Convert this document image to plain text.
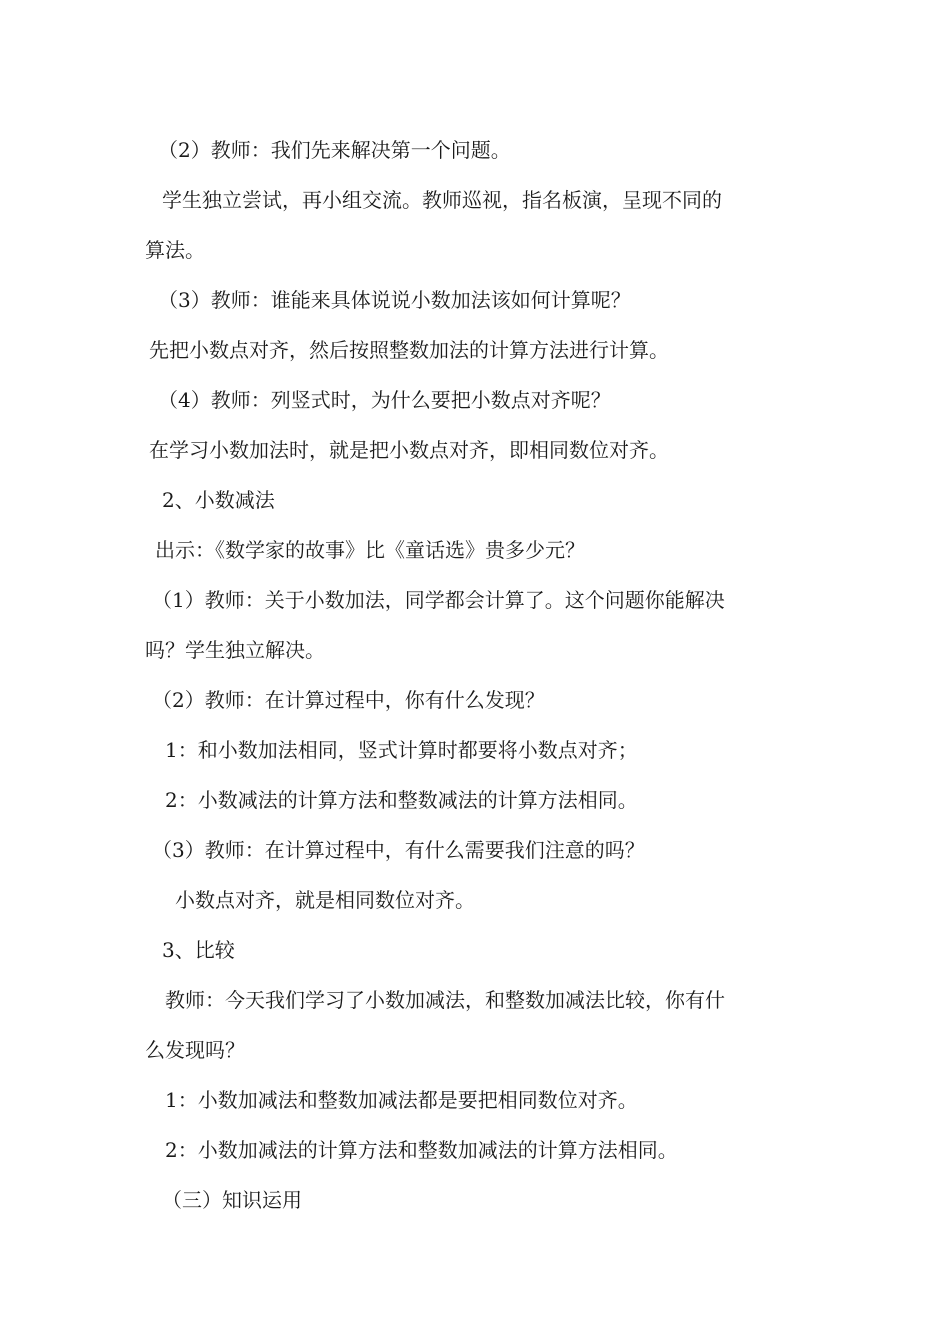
（2）教师：我们先来解决第一个问题。
学生独立尝试，再小组交流。教师巡视，指名板演，呈现不同的
算法。
（3）教师：谁能来具体说说小数加法该如何计算呢？
先把小数点对齐，然后按照整数加法的计算方法进行计算。
（4）教师：列竖式时，为什么要把小数点对齐呢？
在学习小数加法时，就是把小数点对齐，即相同数位对齐。
2、小数减法
出示：《数学家的故事》比《童话选》贵多少元？
（1）教师：关于小数加法，同学都会计算了。这个问题你能解决
吗？学生独立解决。
（2）教师：在计算过程中，你有什么发现？
1：和小数加法相同，竖式计算时都要将小数点对齐；
2：小数减法的计算方法和整数减法的计算方法相同。
（3）教师：在计算过程中，有什么需要我们注意的吗？
小数点对齐，就是相同数位对齐。
3、比较
教师：今天我们学习了小数加减法，和整数加减法比较，你有什
么发现吗？
1：小数加减法和整数加减法都是要把相同数位对齐。
2：小数加减法的计算方法和整数加减法的计算方法相同。
（三）知识运用
